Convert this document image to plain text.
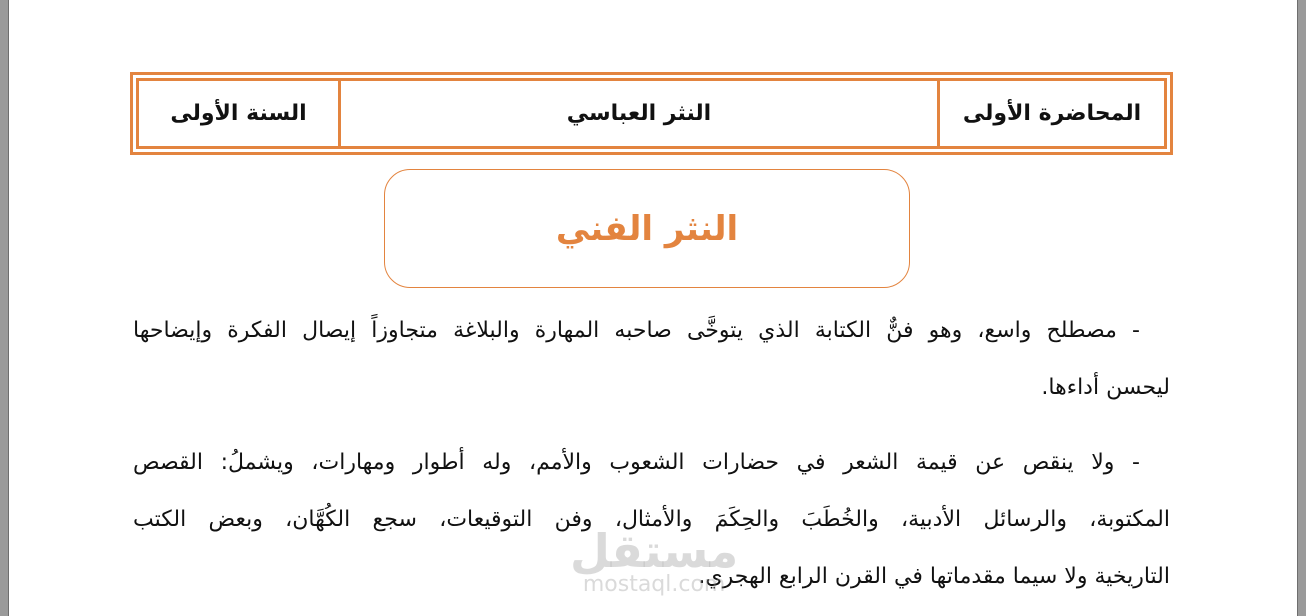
المحاضرة الأولى
النثر العباسي
السنة الأولى
النثر الفني
- مصطلح واسع، وهو فنٌّ الكتابة الذي يتوخَّى صاحبه المهارة والبلاغة متجاوزاً إيصال الفكرة وإيضاحها
ليحسن أداءها.
- ولا ينقص عن قيمة الشعر في حضارات الشعوب والأمم، وله أطوار ومهارات، ويشملُ: القصص
المكتوبة، والرسائل الأدبية، والخُطَبَ والحِكَمَ والأمثال، وفن التوقيعات، سجع الكُهَّان، وبعض الكتب
التاريخية ولا سيما مقدماتها في القرن الرابع الهجري.
مستقل
mostaql.com
